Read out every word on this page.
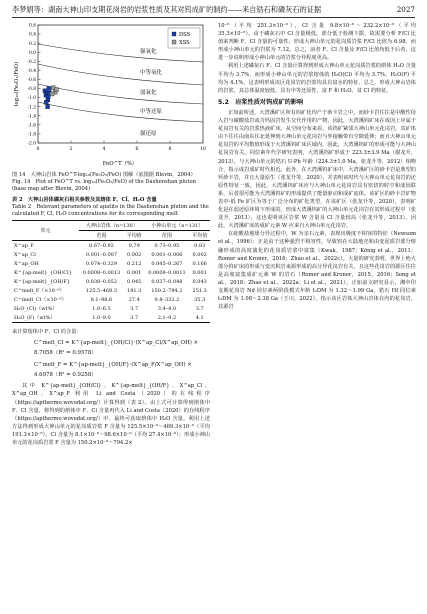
李梦娟等：湖南大神山印支期花岗岩的岩浆性质及其对钨成矿的制约——来自锆石和磷灰石的证据	2027
强氧化
中等氧化
弱氧化
中等还原
强还原
0.6
0.4
0.2
0.0
-0.2
-0.4
-0.6
-0.8
-1.0
-1.2
-1.4
-1.6
-1.8
-2.0
0	2	4	6	8	10
FeO^T（%）
log₁₀(Fe₂O₃/FeO)
DSS
XSS

图 14　大神山岩体 FeO^T-log₁₀(Fe₂O₃/FeO) 图解（底图据 Blevin，2004）

Fig. 14　Plot of FeO^T vs. log₁₀(Fe₂O₃/FeO) of the Dashenshan pluton (base map after Blevin, 2004)

表 2　大神山岩体磷灰石相关参数及其熔体 F、Cl、H₂O 含量

Table 2　Relevant parameters of apatite in the Dashenshan pluton and the calculated F, Cl, H₂O concentrations for its corresponding melt

单元	大神山岩体（n=130）		小神山单元（n=131）	
	范围	平均值	范围	平均值
X^ap_F	0.67–0.92	0.79	0.73–0.95	0.83
X^ap_Cl	0.001–0.007	0.002	0.001–0.006	0.002
X^ap_OH	0.074–0.329	0.212	0.045–0.267	0.166
K^{ap-melt}_{OH/Cl}	0.0008–0.0013	0.001	0.0008–0.0011	0.001
K^{ap-melt}_{OH/F}	0.038–0.052	0.045	0.037–0.048	0.043
C^melt_F（×10⁻⁶）	125.5–469.3	191.3	150.2–794.2	251.3
C^melt_Cl（×10⁻⁶）	8.1–98.6	27.4	9.8–332.2	35.3
H₂O_(Cl)（wt%）	1.0–6.3	3.7	3.4–4.0	3.7
H₂O_(F)（wt%）	1.0–9.0	3.7	2.1–9.2	4.1

来计算熔体中 F、Cl 的含量：

C^melt_Cl = K^{ap-melt}_{OH/Cl}·(X^ap_Cl/X^ap_OH) × 8.7058（R² = 0.9578）
C^melt_F = K^{ap-melt}_{OH/F}·(X^ap_F/X^ap_OH) × 4.6978（R² = 0.9258）

其中 K^{ap-melt}_{OH/Cl}、K^{ap-melt}_{OH/F}、X^ap_Cl、X^ap_OH、X^ap_F 利用 Li and Costa（2020）的在线程序（https://apthermo.wovodat.org/）计算得到（表 2）。由上式可计算得到熔体中 F、Cl 含量，将得到的熔体中 F、Cl 含量再代入 Li and Costa（2020）的在线程序（https://apthermo.wovodat.org/）中，最终可获取熔体中 H₂O 含量。利用上述方法得到形成大神山单元的花岗质岩浆 F 含量为 125.5×10⁻⁶～469.3×10⁻⁶（平均 191.3×10⁻⁶），Cl 含量为 8.1×10⁻⁶～98.6×10⁻⁶（平均 27.4×10⁻⁶）；形成小神山单元的花岗质岩浆 F 含量为 150.2×10⁻⁶～794.2×

10⁻⁶（平均 251.3×10⁻⁶），Cl 含量 9.8×10⁻⁶～232.2×10⁻⁶（平均 35.3×10⁻⁶）。由于磷灰石中 Cl 含量极低，部分低于检测下限，故需要分析 F/Cl 比值来判断 F、Cl 含量的可靠性。形成大神山单元的花岗质岩浆 F/Cl 比值为 6.98，而形成小神山单元的岩浆为 7.12。总之，前者 F、Cl 含量及 F/Cl 比值均低于后者，这进一步说明形成小神山单元的岩浆分异程度更高。

利用上述磷灰石 F、Cl 含量计算得到形成大神山单元花岗质岩浆的熔体 H₂O 含量平均为 3.7%，而形成小神山单元的岩浆熔体的 H₂O(Cl) 平均为 3.7%，H₂O(F) 平均为 4.1%，这表明形成该区花岗岩的岩浆均具有富水的特征。总之，形成大神山岩体的岩浆，其总体温度较低、具有中等还原性、富 F 和 H₂O、贫 Cl 的特征。

5.2　岩浆性质对钨成矿的影响

正如前所述，大湾溪矿区所有钨矿化均产于砂卡岩之中，而砂卡岩往往是中酸性侵入岩与碳酸盐岩或含钙固岩发生交代作用的产物，因此，大湾溪钨矿床在成因上应属于花岗岩有关的岩浆热液矿床。从空间分布来看，该钨矿紧邻大神山单元花岗岩，其矿体由下往往由南东往北延伸到大神山单元花岗岩与外接触带有空隙延伸；而且大神山单元花岗岩的平均数值形成于大湾溪钨矿床区域内。因此，大湾溪钨矿的形成可能与大神山花岗岩有关。同位素年代学研究表明，大湾溪钨矿形成于 223.3±3.9 Ma（谢龙升，2013），与大神山单元的锆石 U-Pb 年龄（224.3±1.0 Ma，张龙升等，2012）相吻合，指示成岩成矿时代相近。此外，在大湾溪钨矿床中，大湾溪矿区的砂卡岩是典型的钙砂卡岩，并且大量原生（张龙升等，2020），并表明该时代与大神山单元花岗岩的还原性特征一致。因此，大湾溪钨矿床应与大神山单元花岗岩具有密切的时空和成因联系，后者很可能为大湾溪钨矿的形成提供了能量驱动和成矿流体。该矿区的砂卡岩矿物表中-低 Fe 矿区为等于广泛分布的矿化类型，在该矿区（张龙升等，2020），表明矿化是在弱还原环境下形成的。形成大湾溪钨矿的大神山单元花岗岩在其形成过程中（张龙升，2013），这也说明该区岩浆 W 含量及 Cl 含量较高（张龙升等，2013）。因此，大湾溪矿床的成矿元素 W 应来自大神山单元花岗岩。

在硅酸盐地球分异过程中，W 为亲石元素，表现出极度不相容的特征（Newsom et al.，1996）；正是由于这种强烈不相容性，导致钨在大陆地壳和由变泥质岩部分熔融形成的高度演化的花岗质岩浆中富集（Kwak，1987；König et al.，2011；Romer and Kroner，2016；Zhao et al.，2022c）。大量的研究表明，世界上绝大部分钨矿床的形成与变沉积岩来源形成的高分异花岗岩有关，且这些花岗岩的源区往往是高度富集成矿元素 W 的岩石（Romer and Kroner，2015，2016；Song et al.，2018；Zhao et al.，2022a；Li et al.，2021）。正如前文研究显示，湘中印支期花岗岩 Nd 同位素两阶段模式年龄 t₂DM 为 1.32～1.99 Ga，锆石 Hf 同位素 t₂DM 为 1.08～2.38 Ga（王川，2022），指示该区岩体大神山岩体在内的花岗岩，其源岩
